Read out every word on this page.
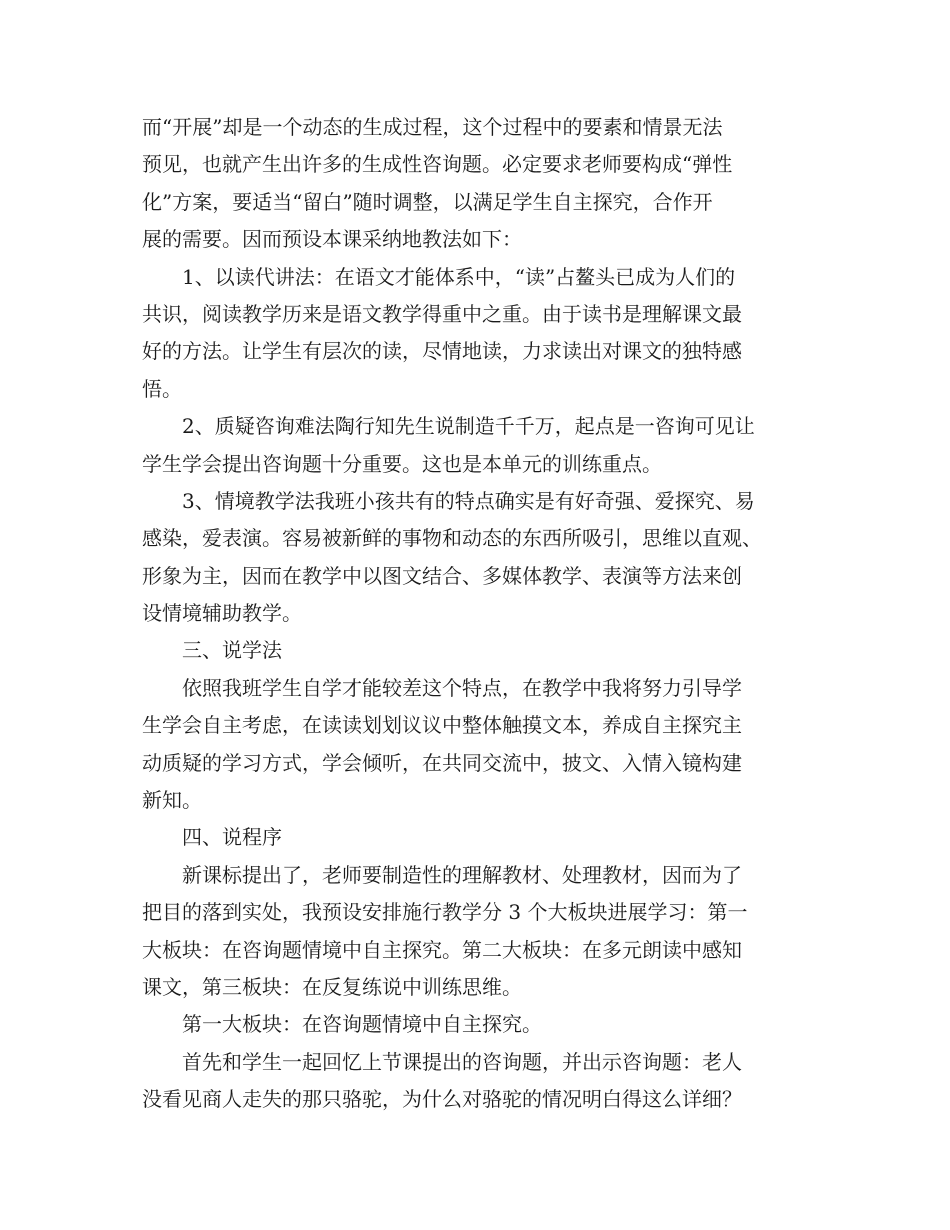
而“开展”却是一个动态的生成过程，这个过程中的要素和情景无法
预见，也就产生出许多的生成性咨询题。必定要求老师要构成“弹性
化”方案，要适当“留白”随时调整，以满足学生自主探究，合作开
展的需要。因而预设本课采纳地教法如下：
1、以读代讲法：在语文才能体系中，“读”占鳌头已成为人们的
共识，阅读教学历来是语文教学得重中之重。由于读书是理解课文最
好的方法。让学生有层次的读，尽情地读，力求读出对课文的独特感
悟。
2、质疑咨询难法陶行知先生说制造千千万，起点是一咨询可见让
学生学会提出咨询题十分重要。这也是本单元的训练重点。
3、情境教学法我班小孩共有的特点确实是有好奇强、爱探究、易
感染，爱表演。容易被新鲜的事物和动态的东西所吸引，思维以直观、
形象为主，因而在教学中以图文结合、多媒体教学、表演等方法来创
设情境辅助教学。
三、说学法
依照我班学生自学才能较差这个特点，在教学中我将努力引导学
生学会自主考虑，在读读划划议议中整体触摸文本，养成自主探究主
动质疑的学习方式，学会倾听，在共同交流中，披文、入情入镜构建
新知。
四、说程序
新课标提出了，老师要制造性的理解教材、处理教材，因而为了
把目的落到实处，我预设安排施行教学分 3 个大板块进展学习：第一
大板块：在咨询题情境中自主探究。第二大板块：在多元朗读中感知
课文，第三板块：在反复练说中训练思维。
第一大板块：在咨询题情境中自主探究。
首先和学生一起回忆上节课提出的咨询题，并出示咨询题：老人
没看见商人走失的那只骆驼，为什么对骆驼的情况明白得这么详细？
